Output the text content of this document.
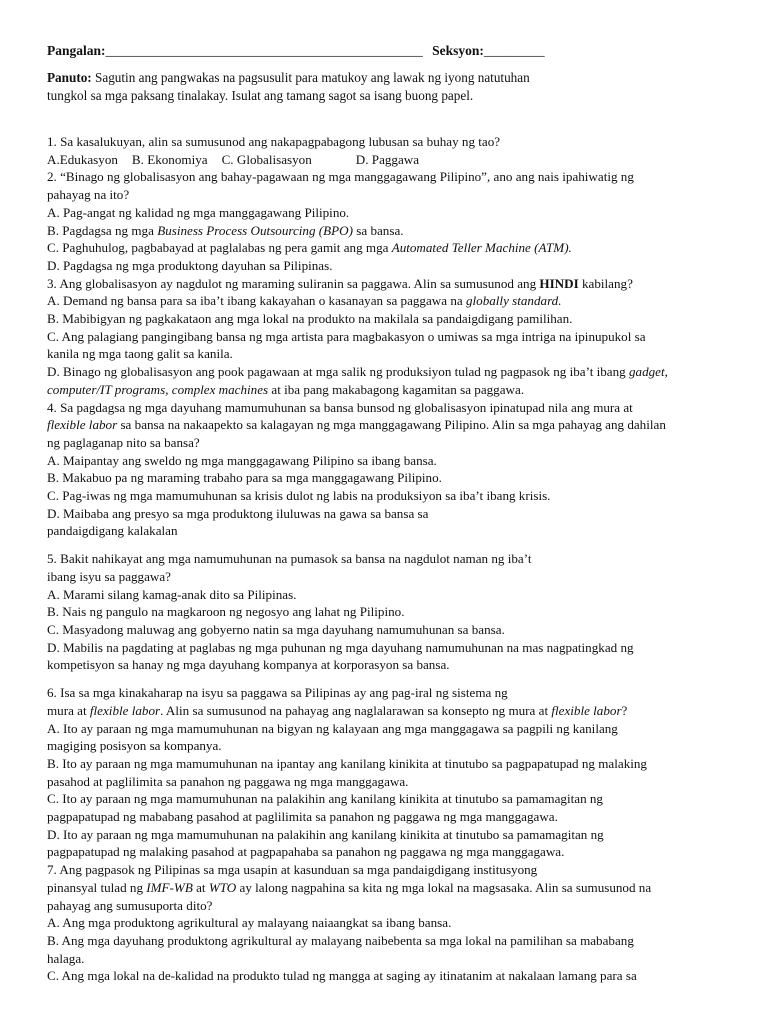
Pangalan:_______________________________________________ Seksyon:_________
Panuto: Sagutin ang pangwakas na pagsusulit para matukoy ang lawak ng iyong natutuhan
tungkol sa mga paksang tinalakay. Isulat ang tamang sagot sa isang buong papel.
1. Sa kasalukuyan, alin sa sumusunod ang nakapagpabagong lubusan sa buhay ng tao?
A.Edukasyon B. Ekonomiya C. Globalisasyon	D. Paggawa
2. “Binago ng globalisasyon ang bahay-pagawaan ng mga manggagawang Pilipino”, ano ang nais ipahiwatig ng
pahayag na ito?
A. Pag-angat ng kalidad ng mga manggagawang Pilipino.
B. Pagdagsa ng mga Business Process Outsourcing (BPO) sa bansa.
C. Paghuhulog, pagbabayad at paglalabas ng pera gamit ang mga Automated Teller Machine (ATM).
D. Pagdagsa ng mga produktong dayuhan sa Pilipinas.
3. Ang globalisasyon ay nagdulot ng maraming suliranin sa paggawa. Alin sa sumusunod ang HINDI kabilang?
A. Demand ng bansa para sa iba’t ibang kakayahan o kasanayan sa paggawa na globally standard.
B. Mabibigyan ng pagkakataon ang mga lokal na produkto na makilala sa pandaigdigang pamilihan.
C. Ang palagiang pangingibang bansa ng mga artista para magbakasyon o umiwas sa mga intriga na ipinupukol sa
kanila ng mga taong galit sa kanila.
D. Binago ng globalisasyon ang pook pagawaan at mga salik ng produksiyon tulad ng pagpasok ng iba’t ibang gadget,
computer/IT programs, complex machines at iba pang makabagong kagamitan sa paggawa.
4. Sa pagdagsa ng mga dayuhang mamumuhunan sa bansa bunsod ng globalisasyon ipinatupad nila ang mura at
flexible labor sa bansa na nakaapekto sa kalagayan ng mga manggagawang Pilipino. Alin sa mga pahayag ang dahilan
ng paglaganap nito sa bansa?
A. Maipantay ang sweldo ng mga manggagawang Pilipino sa ibang bansa.
B. Makabuo pa ng maraming trabaho para sa mga manggagawang Pilipino.
C. Pag-iwas ng mga mamumuhunan sa krisis dulot ng labis na produksiyon sa iba’t ibang krisis.
D. Maibaba ang presyo sa mga produktong iluluwas na gawa sa bansa sa
pandaigdigang kalakalan
5. Bakit nahikayat ang mga namumuhunan na pumasok sa bansa na nagdulot naman ng iba’t
ibang isyu sa paggawa?
A. Marami silang kamag-anak dito sa Pilipinas.
B. Nais ng pangulo na magkaroon ng negosyo ang lahat ng Pilipino.
C. Masyadong maluwag ang gobyerno natin sa mga dayuhang namumuhunan sa bansa.
D. Mabilis na pagdating at paglabas ng mga puhunan ng mga dayuhang namumuhunan na mas nagpatingkad ng
kompetisyon sa hanay ng mga dayuhang kompanya at korporasyon sa bansa.
6. Isa sa mga kinakaharap na isyu sa paggawa sa Pilipinas ay ang pag-iral ng sistema ng
mura at flexible labor. Alin sa sumusunod na pahayag ang naglalarawan sa konsepto ng mura at flexible labor?
A. Ito ay paraan ng mga mamumuhunan na bigyan ng kalayaan ang mga manggagawa sa pagpili ng kanilang
magiging posisyon sa kompanya.
B. Ito ay paraan ng mga mamumuhunan na ipantay ang kanilang kinikita at tinutubo sa pagpapatupad ng malaking
pasahod at paglilimita sa panahon ng paggawa ng mga manggagawa.
C. Ito ay paraan ng mga mamumuhunan na palakihin ang kanilang kinikita at tinutubo sa pamamagitan ng
pagpapatupad ng mababang pasahod at paglilimita sa panahon ng paggawa ng mga manggagawa.
D. Ito ay paraan ng mga mamumuhunan na palakihin ang kanilang kinikita at tinutubo sa pamamagitan ng
pagpapatupad ng malaking pasahod at pagpapahaba sa panahon ng paggawa ng mga manggagawa.
7. Ang pagpasok ng Pilipinas sa mga usapin at kasunduan sa mga pandaigdigang institusyong
pinansyal tulad ng IMF-WB at WTO ay lalong nagpahina sa kita ng mga lokal na magsasaka. Alin sa sumusunod na
pahayag ang sumusuporta dito?
A. Ang mga produktong agrikultural ay malayang naiaangkat sa ibang bansa.
B. Ang mga dayuhang produktong agrikultural ay malayang naibebenta sa mga lokal na pamilihan sa mababang
halaga.
C. Ang mga lokal na de-kalidad na produkto tulad ng mangga at saging ay itinatanim at nakalaan lamang para sa
